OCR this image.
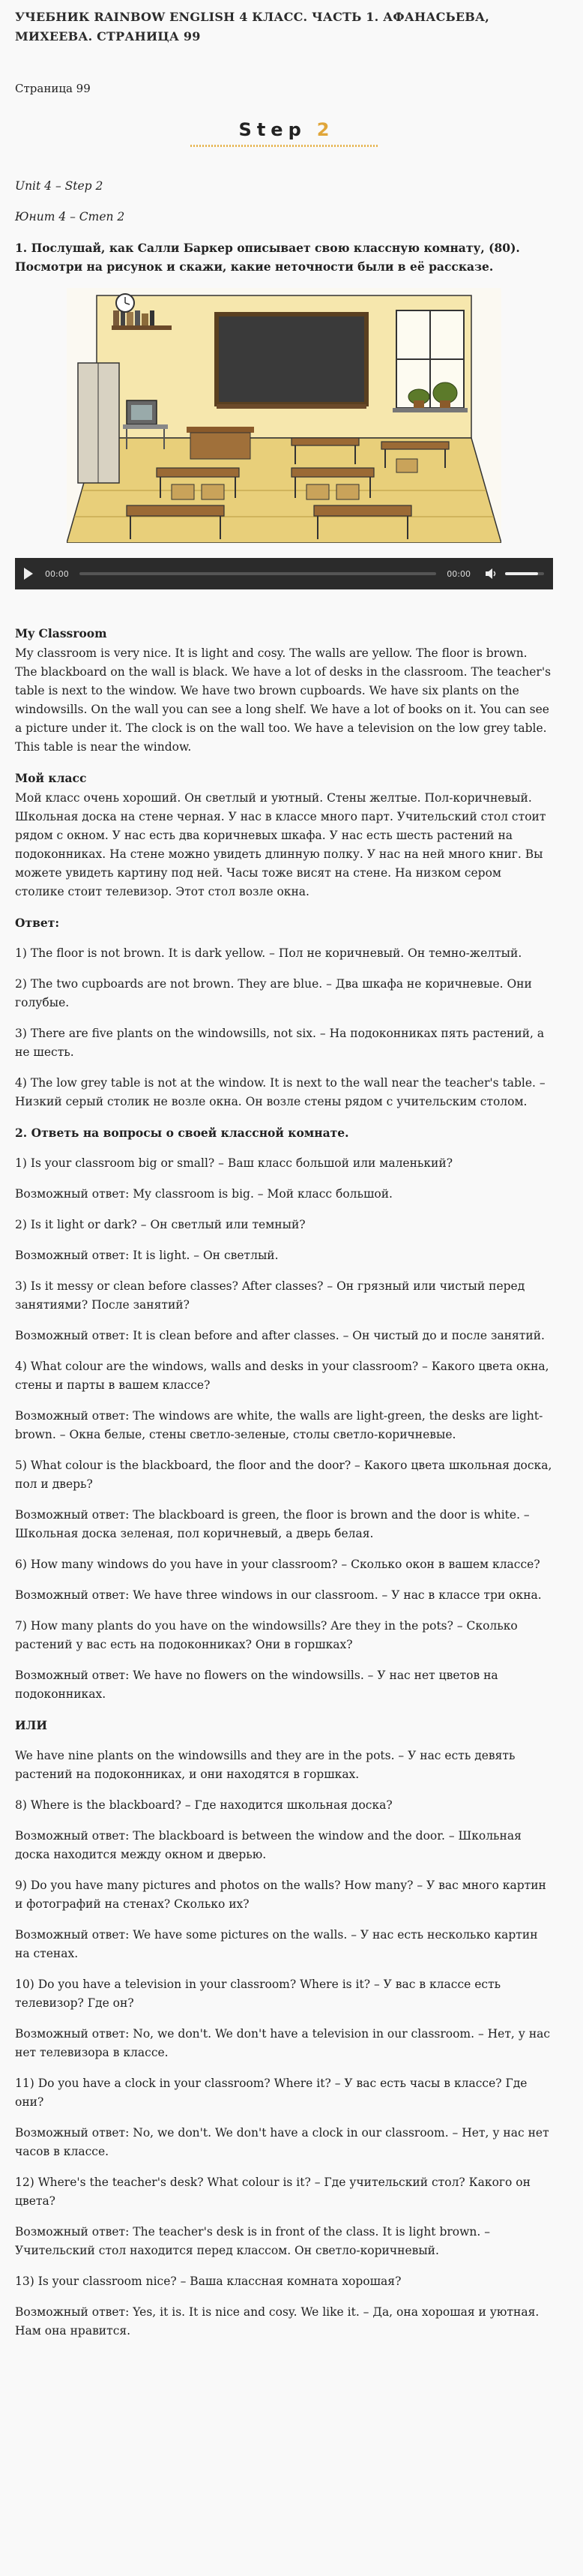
УЧЕБНИК RAINBOW ENGLISH 4 КЛАСС. ЧАСТЬ 1. АФАНАСЬЕВА, МИХЕЕВА. СТРАНИЦА 99

Страница 99

Step 2

Unit 4 – Step 2

Юнит 4 – Степ 2

1. Послушай, как Салли Баркер описывает свою классную комнату, (80). Посмотри на рисунок и скажи, какие неточности были в её рассказе.

00:00	00:00
My Classroom

My classroom is very nice. It is light and cosy. The walls are yellow. The floor is brown. The blackboard on the wall is black. We have a lot of desks in the classroom. The teacher's table is next to the window. We have two brown cupboards. We have six plants on the windowsills. On the wall you can see a long shelf. We have a lot of books on it. You can see a picture under it. The clock is on the wall too. We have a television on the low grey table. This table is near the window.

Мой класс

Мой класс очень хороший. Он светлый и уютный. Стены желтые. Пол-коричневый. Школьная доска на стене черная. У нас в классе много парт. Учительский стол стоит рядом с окном. У нас есть два коричневых шкафа. У нас есть шесть растений на подоконниках. На стене можно увидеть длинную полку. У нас на ней много книг. Вы можете увидеть картину под ней. Часы тоже висят на стене. На низком сером столике стоит телевизор. Этот стол возле окна.

Ответ:

1) The floor is not brown. It is dark yellow. – Пол не коричневый. Он темно-желтый.

2) The two cupboards are not brown. They are blue. – Два шкафа не коричневые. Они голубые.

3) There are five plants on the windowsills, not six. – На подоконниках пять растений, а не шесть.

4) The low grey table is not at the window. It is next to the wall near the teacher's table. – Низкий серый столик не возле окна. Он возле стены рядом с учительским столом.

2. Ответь на вопросы о своей классной комнате.

1) Is your classroom big or small? – Ваш класс большой или маленький?

Возможный ответ: My classroom is big. – Мой класс большой.

2) Is it light or dark? – Он светлый или темный?

Возможный ответ: It is light. – Он светлый.

3) Is it messy or clean before classes? After classes? – Он грязный или чистый перед занятиями? После занятий?

Возможный ответ: It is clean before and after classes. – Он чистый до и после занятий.

4) What colour are the windows, walls and desks in your classroom? – Какого цвета окна, стены и парты в вашем классе?

Возможный ответ: The windows are white, the walls are light-green, the desks are light-brown. – Окна белые, стены светло-зеленые, столы светло-коричневые.

5) What colour is the blackboard, the floor and the door? – Какого цвета школьная доска, пол и дверь?

Возможный ответ: The blackboard is green, the floor is brown and the door is white. – Школьная доска зеленая, пол коричневый, а дверь белая.

6) How many windows do you have in your classroom? – Сколько окон в вашем классе?

Возможный ответ: We have three windows in our classroom. – У нас в классе три окна.

7) How many plants do you have on the windowsills? Are they in the pots? – Сколько растений у вас есть на подоконниках? Они в горшках?

Возможный ответ: We have no flowers on the windowsills. – У нас нет цветов на подоконниках.

ИЛИ

We have nine plants on the windowsills and they are in the pots. – У нас есть девять растений на подоконниках, и они находятся в горшках.

8) Where is the blackboard? – Где находится школьная доска?

Возможный ответ: The blackboard is between the window and the door. – Школьная доска находится между окном и дверью.

9) Do you have many pictures and photos on the walls? How many? – У вас много картин и фотографий на стенах? Сколько их?

Возможный ответ: We have some pictures on the walls. – У нас есть несколько картин на стенах.

10) Do you have a television in your classroom? Where is it? – У вас в классе есть телевизор? Где он?

Возможный ответ: No, we don't. We don't have a television in our classroom. – Нет, у нас нет телевизора в классе.

11) Do you have a clock in your classroom? Where it? – У вас есть часы в классе? Где они?

Возможный ответ: No, we don't. We don't have a clock in our classroom. – Нет, у нас нет часов в классе.

12) Where's the teacher's desk? What colour is it? – Где учительский стол? Какого он цвета?

Возможный ответ: The teacher's desk is in front of the class. It is light brown. – Учительский стол находится перед классом. Он светло-коричневый.

13) Is your classroom nice? – Ваша классная комната хорошая?

Возможный ответ: Yes, it is. It is nice and cosy. We like it. – Да, она хорошая и уютная. Нам она нравится.
